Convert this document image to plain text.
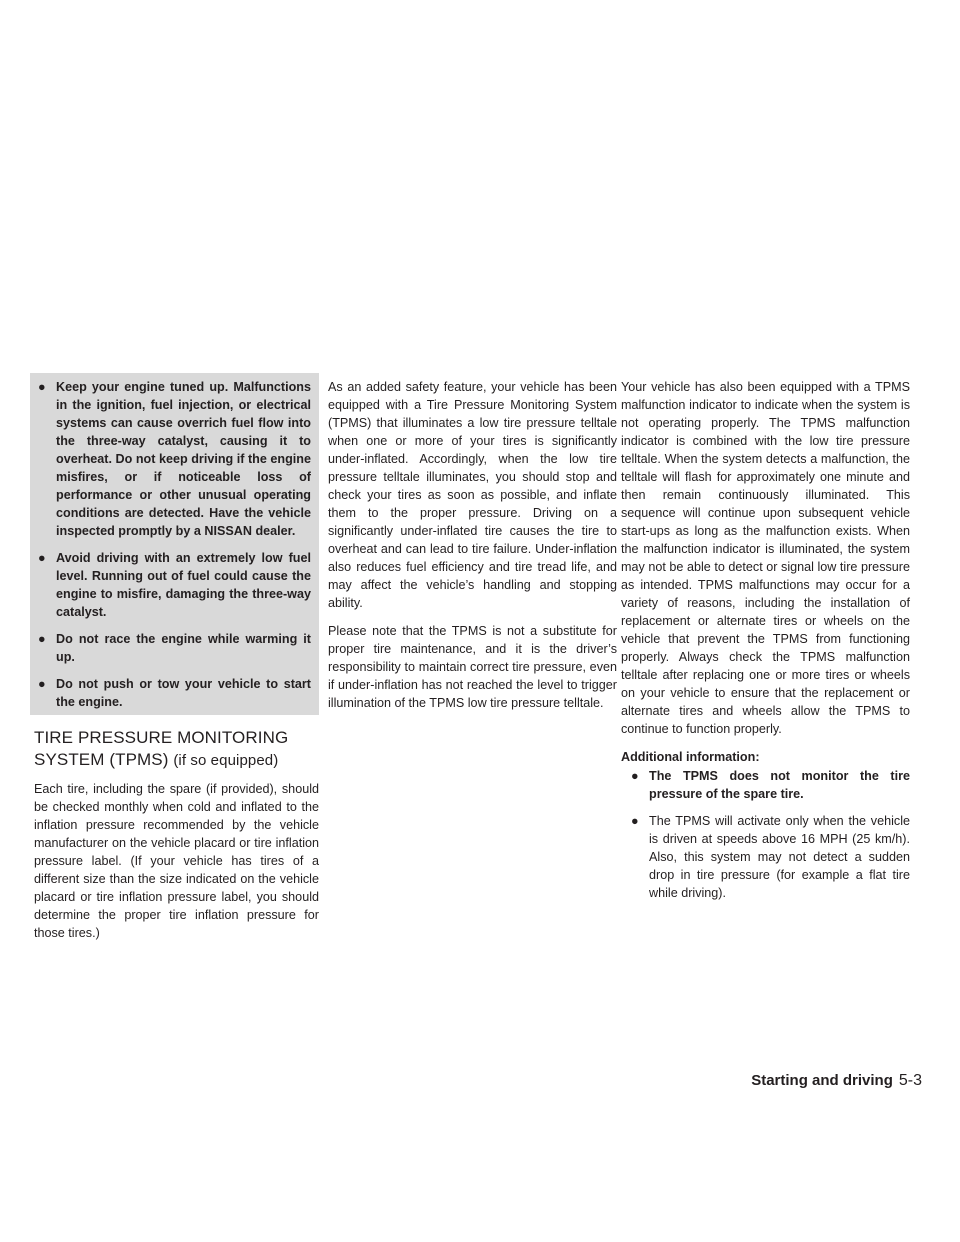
● Keep your engine tuned up. Malfunctions in the ignition, fuel injection, or electrical systems can cause overrich fuel flow into the three-way catalyst, causing it to overheat. Do not keep driving if the engine misfires, or if noticeable loss of performance or other unusual operating conditions are detected. Have the vehicle inspected promptly by a NISSAN dealer.
● Avoid driving with an extremely low fuel level. Running out of fuel could cause the engine to misfire, damaging the three-way catalyst.
● Do not race the engine while warming it up.
● Do not push or tow your vehicle to start the engine.
TIRE PRESSURE MONITORING SYSTEM (TPMS) (if so equipped)

Each tire, including the spare (if provided), should be checked monthly when cold and inflated to the inflation pressure recommended by the vehicle manufacturer on the vehicle placard or tire inflation pressure label. (If your vehicle has tires of a different size than the size indicated on the vehicle placard or tire inflation pressure label, you should determine the proper tire inflation pressure for those tires.)

As an added safety feature, your vehicle has been equipped with a Tire Pressure Monitoring System (TPMS) that illuminates a low tire pressure telltale when one or more of your tires is significantly under-inflated. Accordingly, when the low tire pressure telltale illuminates, you should stop and check your tires as soon as possible, and inflate them to the proper pressure. Driving on a significantly under-inflated tire causes the tire to overheat and can lead to tire failure. Under-inflation also reduces fuel efficiency and tire tread life, and may affect the vehicle’s handling and stopping ability.

Please note that the TPMS is not a substitute for proper tire maintenance, and it is the driver’s responsibility to maintain correct tire pressure, even if under-inflation has not reached the level to trigger illumination of the TPMS low tire pressure telltale.

Your vehicle has also been equipped with a TPMS malfunction indicator to indicate when the system is not operating properly. The TPMS malfunction indicator is combined with the low tire pressure telltale. When the system detects a malfunction, the telltale will flash for approximately one minute and then remain continuously illuminated. This sequence will continue upon subsequent vehicle start-ups as long as the malfunction exists. When the malfunction indicator is illuminated, the system may not be able to detect or signal low tire pressure as intended. TPMS malfunctions may occur for a variety of reasons, including the installation of replacement or alternate tires or wheels on the vehicle that prevent the TPMS from functioning properly. Always check the TPMS malfunction telltale after replacing one or more tires or wheels on your vehicle to ensure that the replacement or alternate tires and wheels allow the TPMS to continue to function properly.

Additional information:
● The TPMS does not monitor the tire pressure of the spare tire.
● The TPMS will activate only when the vehicle is driven at speeds above 16 MPH (25 km/h). Also, this system may not detect a sudden drop in tire pressure (for example a flat tire while driving).
Starting and driving 5-3
